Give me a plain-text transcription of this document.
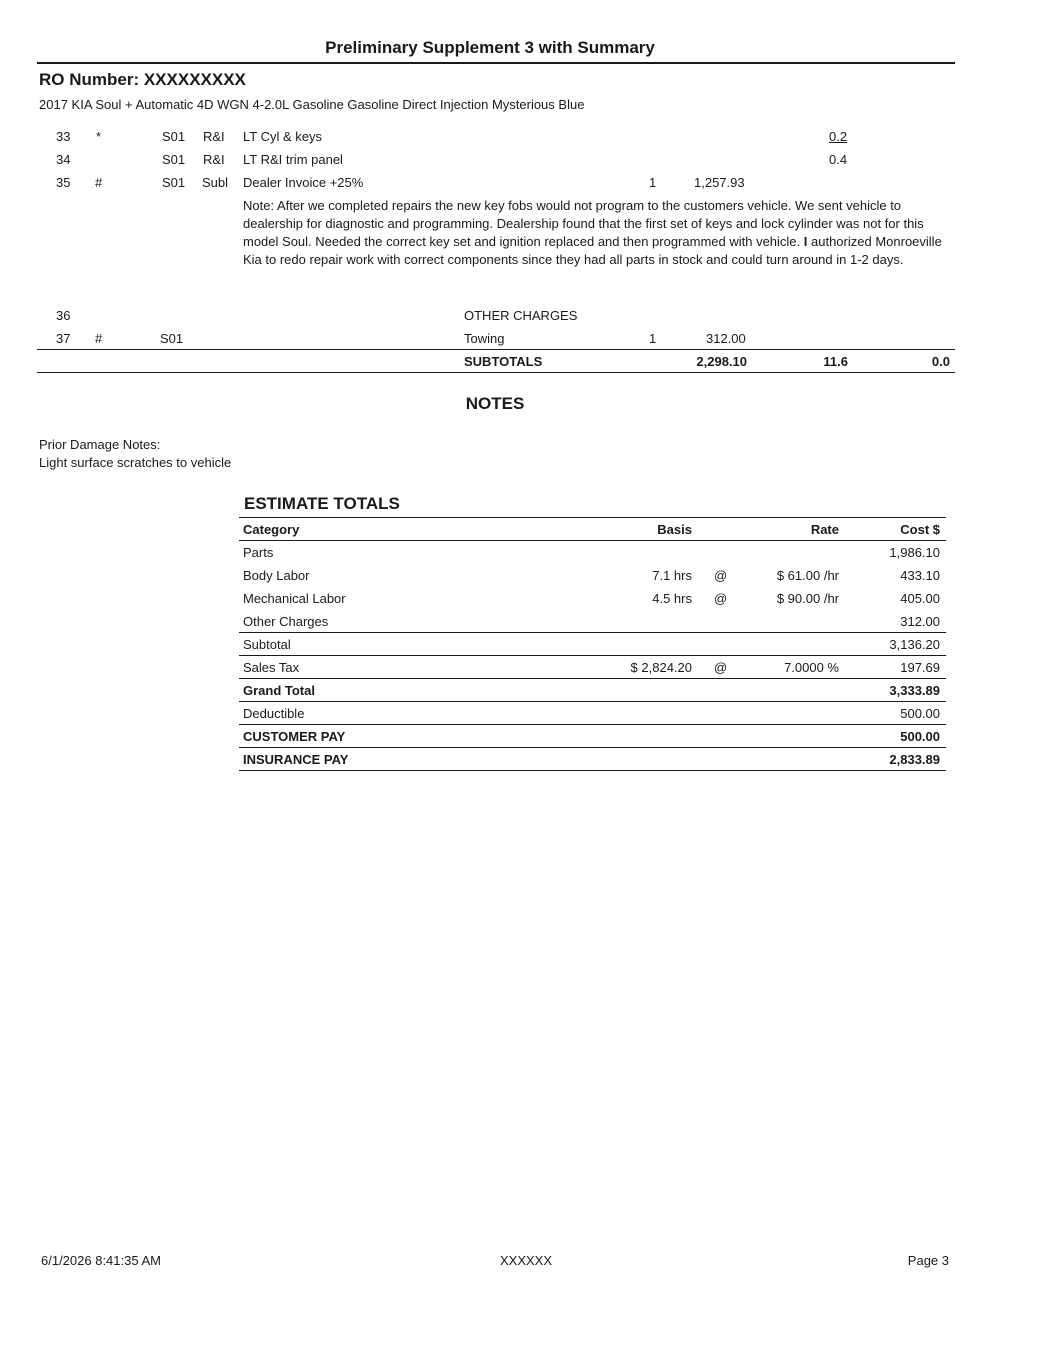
Preliminary Supplement 3 with Summary
RO Number: XXXXXXXXX
2017 KIA Soul + Automatic 4D WGN 4-2.0L Gasoline Gasoline Direct Injection Mysterious Blue
33 *	S01 R&I LT Cyl & keys	0.2
34	S01 R&I LT R&I trim panel	0.4
35 #	S01 Subl Dealer Invoice +25%	1	1,257.93
Note: After we completed repairs the new key fobs would not program to the customers vehicle. We sent vehicle to dealership for diagnostic and programming. Dealership found that the first set of keys and lock cylinder was not for this model Soul. Needed the correct key set and ignition replaced and then programmed with vehicle. I authorized Monroeville Kia to redo repair work with correct components since they had all parts in stock and could turn around in 1-2 days.
36	OTHER CHARGES
37 #	S01	Towing	1	312.00
SUBTOTALS	2,298.10	11.6	0.0
NOTES
Prior Damage Notes:
Light surface scratches to vehicle
ESTIMATE TOTALS
Category	Basis	Rate	Cost $
Parts	1,986.10
Body Labor	7.1 hrs @	$ 61.00 /hr	433.10
Mechanical Labor	4.5 hrs @	$ 90.00 /hr	405.00
Other Charges	312.00
Subtotal	3,136.20
Sales Tax	$ 2,824.20 @	7.0000 %	197.69
Grand Total	3,333.89
Deductible	500.00
CUSTOMER PAY	500.00
INSURANCE PAY	2,833.89
6/1/2026 8:41:35 AM	XXXXXX	Page 3
